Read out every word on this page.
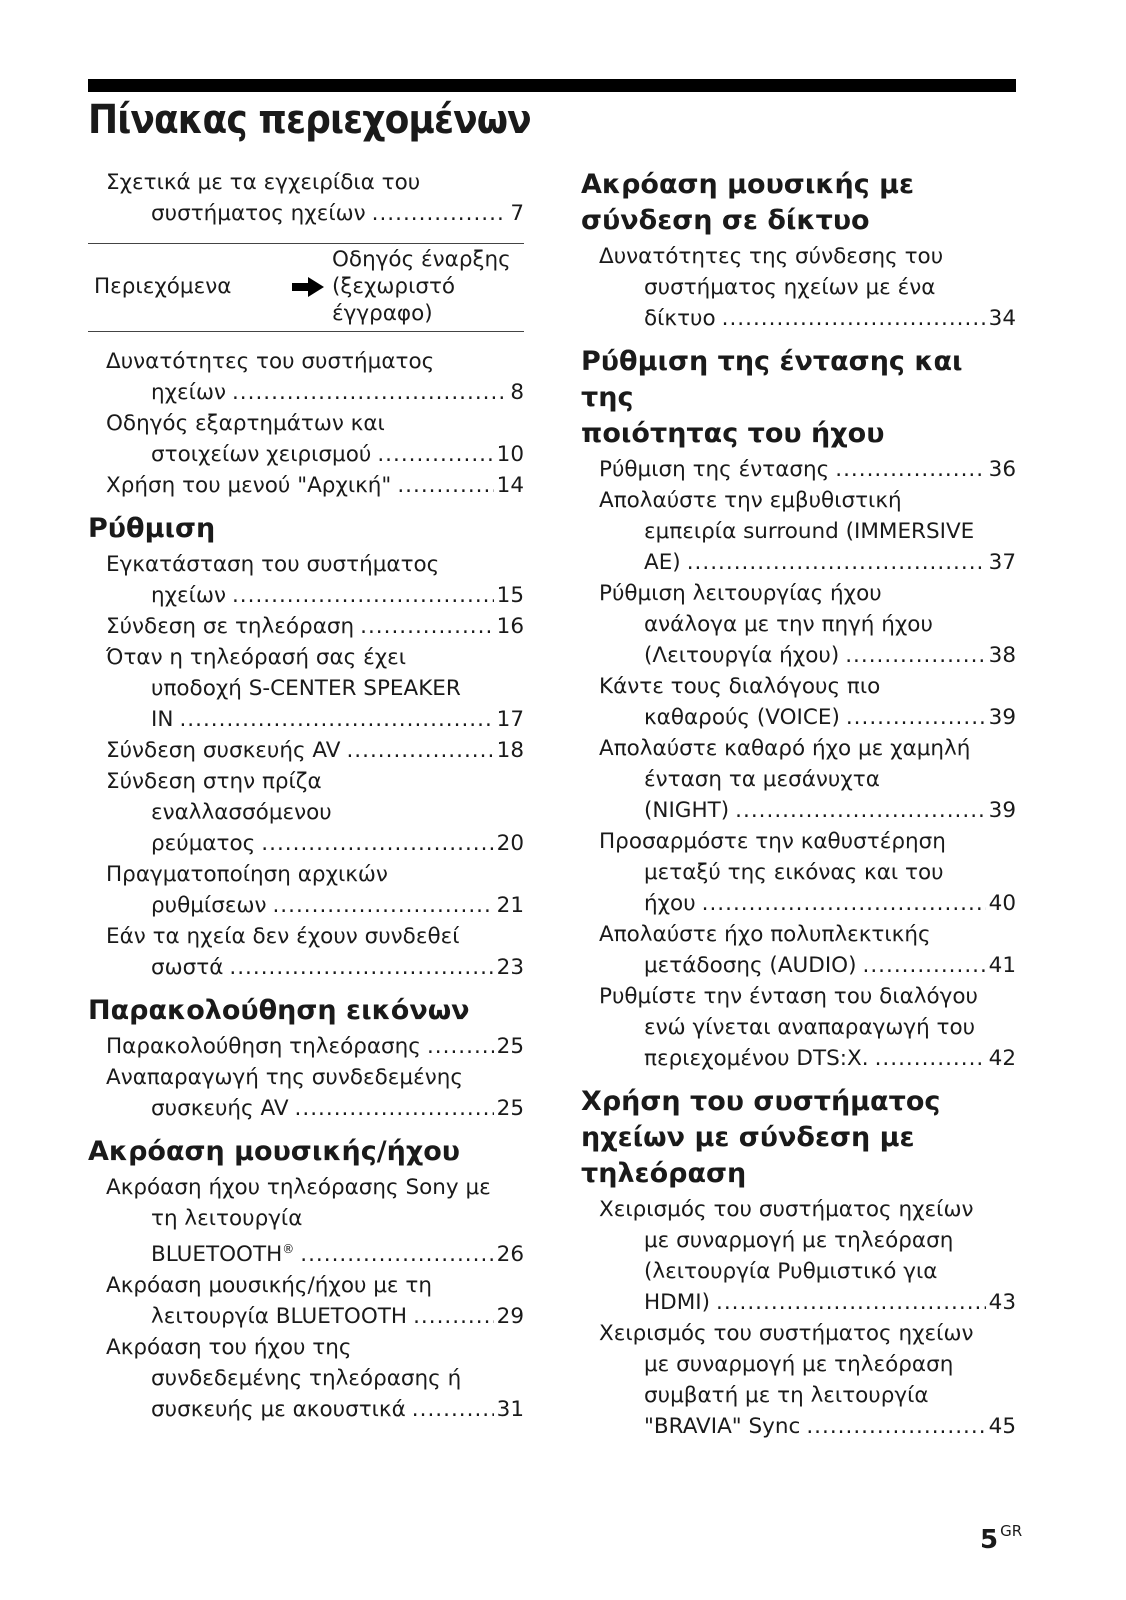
Πίνακας περιεχομένων

Σχετικά με τα εγχειρίδια του
συστήματος ηχείων .....	7

Περιεχόμενα
Οδηγός έναρξης
(ξεχωριστό
έγγραφο)

Δυνατότητες του συστήματος
ηχείων .....	8

Οδηγός εξαρτημάτων και
στοιχείων χειρισμού .....	10

Χρήση του μενού "Αρχική" .....	14

Ρύθμιση

Εγκατάσταση του συστήματος
ηχείων .....	15

Σύνδεση σε τηλεόραση .....	16

Όταν η τηλεόρασή σας έχει
υποδοχή S-CENTER SPEAKER
IN .....	17

Σύνδεση συσκευής AV .....	18

Σύνδεση στην πρίζα
εναλλασσόμενου
ρεύματος .....	20

Πραγματοποίηση αρχικών
ρυθμίσεων .....	21

Εάν τα ηχεία δεν έχουν συνδεθεί
σωστά .....	23

Παρακολούθηση εικόνων

Παρακολούθηση τηλεόρασης .....	25

Αναπαραγωγή της συνδεδεμένης
συσκευής AV .....	25

Ακρόαση μουσικής/ήχου

Ακρόαση ήχου τηλεόρασης Sony με
τη λειτουργία
BLUETOOTH® .....	26

Ακρόαση μουσικής/ήχου με τη
λειτουργία BLUETOOTH .....	29

Ακρόαση του ήχου της
συνδεδεμένης τηλεόρασης ή
συσκευής με ακουστικά .....	31

Ακρόαση μουσικής με
σύνδεση σε δίκτυο

Δυνατότητες της σύνδεσης του
συστήματος ηχείων με ένα
δίκτυο .....	34

Ρύθμιση της έντασης και της
ποιότητας του ήχου

Ρύθμιση της έντασης .....	36

Απολαύστε την εμβυθιστική
εμπειρία surround (IMMERSIVE
AE) .....	37

Ρύθμιση λειτουργίας ήχου
ανάλογα με την πηγή ήχου
(Λειτουργία ήχου) .....	38

Κάντε τους διαλόγους πιο
καθαρούς (VOICE) .....	39

Απολαύστε καθαρό ήχο με χαμηλή
ένταση τα μεσάνυχτα
(NIGHT) .....	39

Προσαρμόστε την καθυστέρηση
μεταξύ της εικόνας και του
ήχου .....	40

Απολαύστε ήχο πολυπλεκτικής
μετάδοσης (AUDIO) .....	41

Ρυθμίστε την ένταση του διαλόγου
ενώ γίνεται αναπαραγωγή του
περιεχομένου DTS:X. .....	42

Χρήση του συστήματος
ηχείων με σύνδεση με
τηλεόραση

Χειρισμός του συστήματος ηχείων
με συναρμογή με τηλεόραση
(λειτουργία Ρυθμιστικό για
HDMI) .....	43

Χειρισμός του συστήματος ηχείων
με συναρμογή με τηλεόραση
συμβατή με τη λειτουργία
"BRAVIA" Sync .....	45

5 GR
